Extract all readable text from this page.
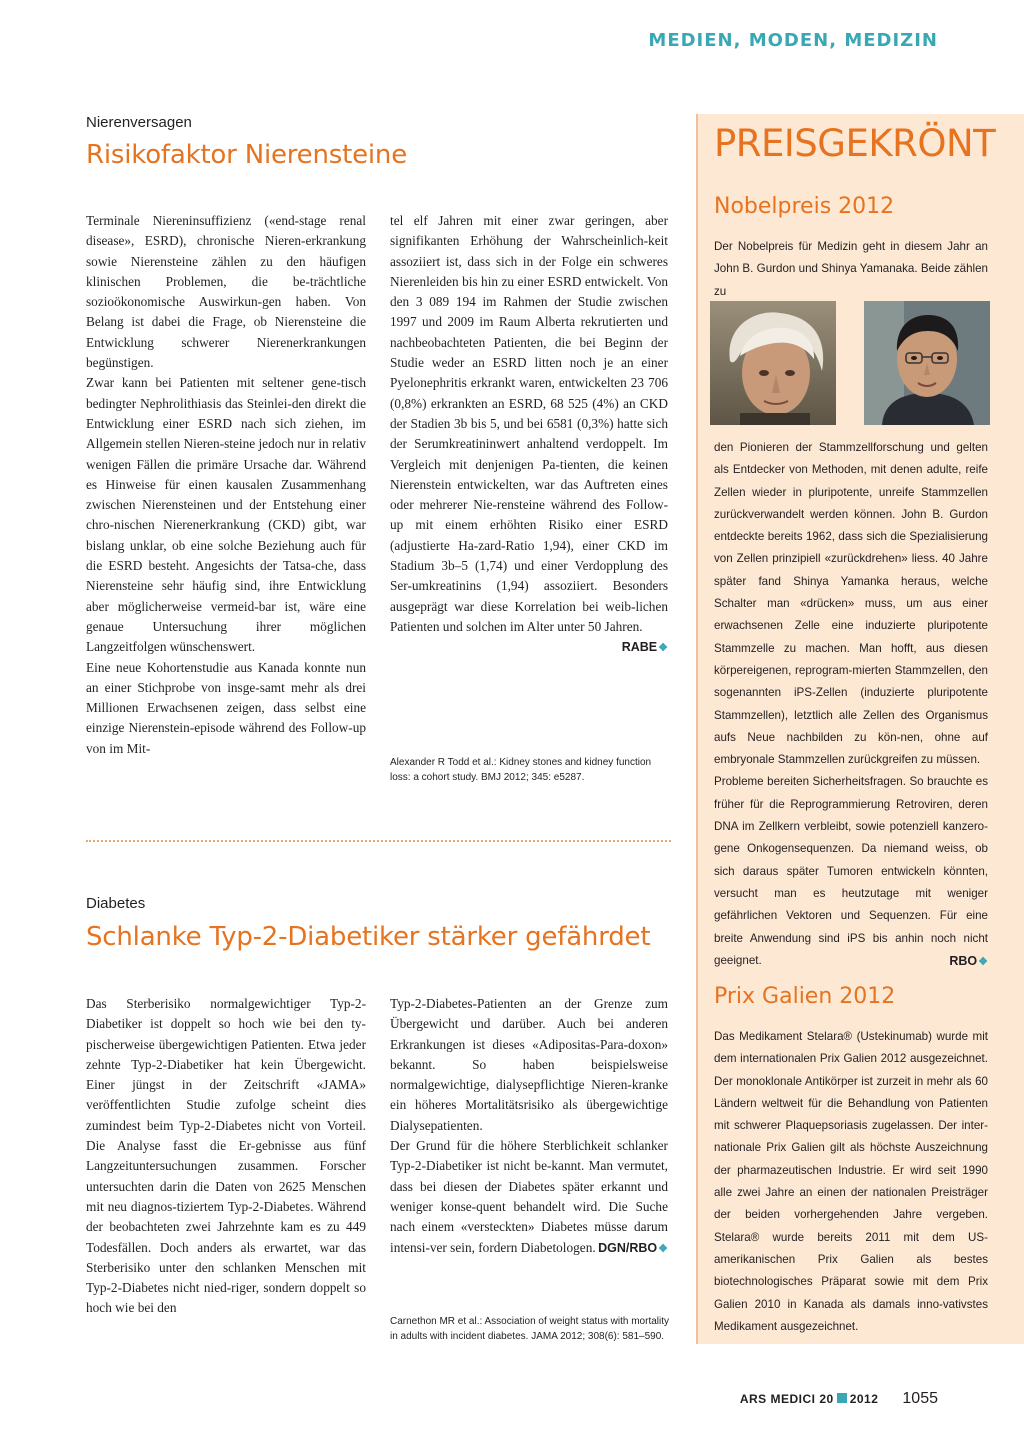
MEDIEN, MODEN, MEDIZIN
Nierenversagen
Risikofaktor Nierensteine

Terminale Niereninsuffizienz («end-stage renal disease», ESRD), chronische Nieren-erkrankung sowie Nierensteine zählen zu den häufigen klinischen Problemen, die be-trächtliche sozioökonomische Auswirkun-gen haben. Von Belang ist dabei die Frage, ob Nierensteine die Entwicklung schwerer Nierenerkrankungen begünstigen.

Zwar kann bei Patienten mit seltener gene-tisch bedingter Nephrolithiasis das Steinlei-den direkt die Entwicklung einer ESRD nach sich ziehen, im Allgemein stellen Nieren-steine jedoch nur in relativ wenigen Fällen die primäre Ursache dar. Während es Hinweise für einen kausalen Zusammenhang zwischen Nierensteinen und der Entstehung einer chro-nischen Nierenerkrankung (CKD) gibt, war bislang unklar, ob eine solche Beziehung auch für die ESRD besteht. Angesichts der Tatsa-che, dass Nierensteine sehr häufig sind, ihre Entwicklung aber möglicherweise vermeid-bar ist, wäre eine genaue Untersuchung ihrer möglichen Langzeitfolgen wünschenswert.

Eine neue Kohortenstudie aus Kanada konnte nun an einer Stichprobe von insge-samt mehr als drei Millionen Erwachsenen zeigen, dass selbst eine einzige Nierenstein-episode während des Follow-up von im Mit-

tel elf Jahren mit einer zwar geringen, aber signifikanten Erhöhung der Wahrscheinlich-keit assoziiert ist, dass sich in der Folge ein schweres Nierenleiden bis hin zu einer ESRD entwickelt. Von den 3 089 194 im Rahmen der Studie zwischen 1997 und 2009 im Raum Alberta rekrutierten und nachbeobachteten Patienten, die bei Beginn der Studie weder an ESRD litten noch je an einer Pyelonephritis erkrankt waren, entwickelten 23 706 (0,8%) erkrankten an ESRD, 68 525 (4%) an CKD der Stadien 3b bis 5, und bei 6581 (0,3%) hatte sich der Serumkreatininwert anhaltend verdoppelt. Im Vergleich mit denjenigen Pa-tienten, die keinen Nierenstein entwickelten, war das Auftreten eines oder mehrerer Nie-rensteine während des Follow-up mit einem erhöhten Risiko einer ESRD (adjustierte Ha-zard-Ratio 1,94), einer CKD im Stadium 3b–5 (1,74) und einer Verdopplung des Ser-umkreatinins (1,94) assoziiert. Besonders ausgeprägt war diese Korrelation bei weib-lichen Patienten und solchen im Alter unter 50 Jahren.
RABE❖

Alexander R Todd et al.: Kidney stones and kidney function loss: a cohort study. BMJ 2012; 345: e5287.
Diabetes
Schlanke Typ-2-Diabetiker stärker gefährdet

Das Sterberisiko normalgewichtiger Typ-2-Diabetiker ist doppelt so hoch wie bei den ty-pischerweise übergewichtigen Patienten. Etwa jeder zehnte Typ-2-Diabetiker hat kein Übergewicht. Einer jüngst in der Zeitschrift «JAMA» veröffentlichten Studie zufolge scheint dies zumindest beim Typ-2-Diabetes nicht von Vorteil. Die Analyse fasst die Er-gebnisse aus fünf Langzeituntersuchungen zusammen. Forscher untersuchten darin die Daten von 2625 Menschen mit neu diagnos-tiziertem Typ-2-Diabetes. Während der beobachteten zwei Jahrzehnte kam es zu 449 Todesfällen. Doch anders als erwartet, war das Sterberisiko unter den schlanken Menschen mit Typ-2-Diabetes nicht nied-riger, sondern doppelt so hoch wie bei den

Typ-2-Diabetes-Patienten an der Grenze zum Übergewicht und darüber. Auch bei anderen Erkrankungen ist dieses «Adipositas-Para-doxon» bekannt. So haben beispielsweise normalgewichtige, dialysepflichtige Nieren-kranke ein höheres Mortalitätsrisiko als übergewichtige Dialysepatienten.

Der Grund für die höhere Sterblichkeit schlanker Typ-2-Diabetiker ist nicht be-kannt. Man vermutet, dass bei diesen der Diabetes später erkannt und weniger konse-quent behandelt wird. Die Suche nach einem «versteckten» Diabetes müsse darum intensi-ver sein, fordern Diabetologen. DGN/RBO❖

Carnethon MR et al.: Association of weight status with mortality in adults with incident diabetes. JAMA 2012; 308(6): 581–590.
PREISGEKRÖNT
Nobelpreis 2012
Der Nobelpreis für Medizin geht in diesem Jahr an John B. Gurdon und Shinya Yamanaka. Beide zählen zu

den Pionieren der Stammzellforschung und gelten als Entdecker von Methoden, mit denen adulte, reife Zellen wieder in pluripotente, unreife Stammzellen zurückverwandelt werden können. John B. Gurdon entdeckte bereits 1962, dass sich die Spezialisierung von Zellen prinzipiell «zurückdrehen» liess. 40 Jahre später fand Shinya Yamanka heraus, welche Schalter man «drücken» muss, um aus einer erwachsenen Zelle eine induzierte pluripotente Stammzelle zu machen. Man hofft, aus diesen körpereigenen, reprogram-mierten Stammzellen, den sogenannten iPS-Zellen (induzierte pluripotente Stammzellen), letztlich alle Zellen des Organismus aufs Neue nachbilden zu kön-nen, ohne auf embryonale Stammzellen zurückgreifen zu müssen.

Probleme bereiten Sicherheitsfragen. So brauchte es früher für die Reprogrammierung Retroviren, deren DNA im Zellkern verbleibt, sowie potenziell kanzero-gene Onkogensequenzen. Da niemand weiss, ob sich daraus später Tumoren entwickeln könnten, versucht man es heutzutage mit weniger gefährlichen Vektoren und Sequenzen. Für eine breite Anwendung sind iPS bis anhin noch nicht geeignet.	RBO❖

Prix Galien 2012
Das Medikament Stelara® (Ustekinumab) wurde mit dem internationalen Prix Galien 2012 ausgezeichnet. Der monoklonale Antikörper ist zurzeit in mehr als 60 Ländern weltweit für die Behandlung von Patienten mit schwerer Plaquepsoriasis zugelassen. Der inter-nationale Prix Galien gilt als höchste Auszeichnung der pharmazeutischen Industrie. Er wird seit 1990 alle zwei Jahre an einen der nationalen Preisträger der beiden vorhergehenden Jahre vergeben. Stelara® wurde bereits 2011 mit dem US-amerikanischen Prix Galien als bestes biotechnologisches Präparat sowie mit dem Prix Galien 2010 in Kanada als damals inno-vativstes Medikament ausgezeichnet.
ARS MEDICI 20 2012 1055
